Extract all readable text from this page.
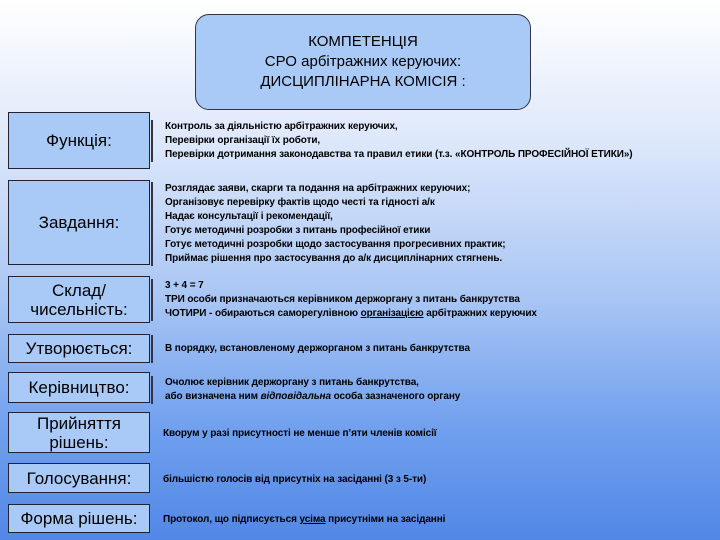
КОМПЕТЕНЦІЯ
СРО арбітражних керуючих:
ДИСЦИПЛІНАРНА КОМІСІЯ :
Функція:
Контроль за діяльністю арбітражних керуючих,
Перевірки організації їх роботи,
Перевірки дотримання законодавства та правил етики (т.з. «КОНТРОЛЬ ПРОФЕСІЙНОЇ ЕТИКИ»)
Завдання:
Розглядає заяви, скарги та подання на арбітражних керуючих;
Організовує перевірку фактів щодо честі та гідності а/к
Надає консультації і рекомендації,
Готує методичні розробки з питань професійної етики
Готує методичні розробки щодо застосування прогресивних практик;
Приймає рішення про застосування до а/к дисциплінарних стягнень.
Склад/ чисельність:
3 + 4 = 7
ТРИ особи призначаються керівником держоргану з питань банкрутства
ЧОТИРИ - обираються саморегулівною організацією арбітражних керуючих
Утворюється:	В порядку, встановленому держорганом з питань банкрутства
Керівництво:	Очолює керівник держоргану з питань банкрутства,
або визначена ним відповідальна особа зазначеного органу
Прийняття рішень:	Кворум у разі присутності не менше п’яти членів комісії
Голосування:	більшістю голосів від присутніх на засіданні (3 з 5-ти)
Форма рішень:	Протокол, що підписується усіма присутніми на засіданні
